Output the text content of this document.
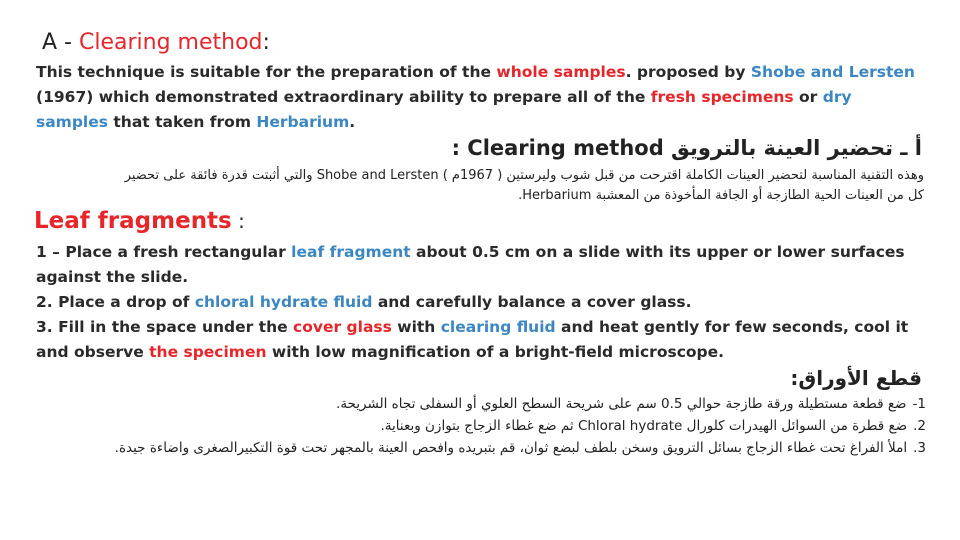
A - Clearing method:
This technique is suitable for the preparation of the whole samples. proposed by Shobe and Lersten (1967) which demonstrated extraordinary ability to prepare all of the fresh specimens or dry samples that taken from Herbarium.
أ ـ تحضير العينة بالترويق Clearing method :
وهذه التقنية المناسبة لتحضير العينات الكاملة اقترحت من قبل شوب وليرستين ( 1967م ) Shobe and Lersten والتي أثبتت قدرة فائقة على تحضير
كل من العينات الحية الطازجة أو الجافة المأخوذة من المعشبة Herbarium.
Leaf fragments :
1 – Place a fresh rectangular leaf fragment about 0.5 cm on a slide with its upper or lower surfaces against the slide.
2. Place a drop of chloral hydrate fluid and carefully balance a cover glass.
3. Fill in the space under the cover glass with clearing fluid and heat gently for few seconds, cool it and observe the specimen with low magnification of a bright-field microscope.
قطع الأوراق:
1-ضع قطعة مستطيلة ورقة طازجة حوالي 0.5 سم على شريحة السطح العلوي أو السفلى تجاه الشريحة.
2.ضع قطرة من السوائل الهيدرات كلورال Chloral hydrate ثم ضع غطاء الزجاج بتوازن وبعناية.
3.املأ الفراغ تحت غطاء الزجاج بسائل الترويق وسخن بلطف لبضع ثوان، قم بتبريده وافحص العينة بالمجهر تحت قوة التكبيرالصغرى واضاءة جيدة.
